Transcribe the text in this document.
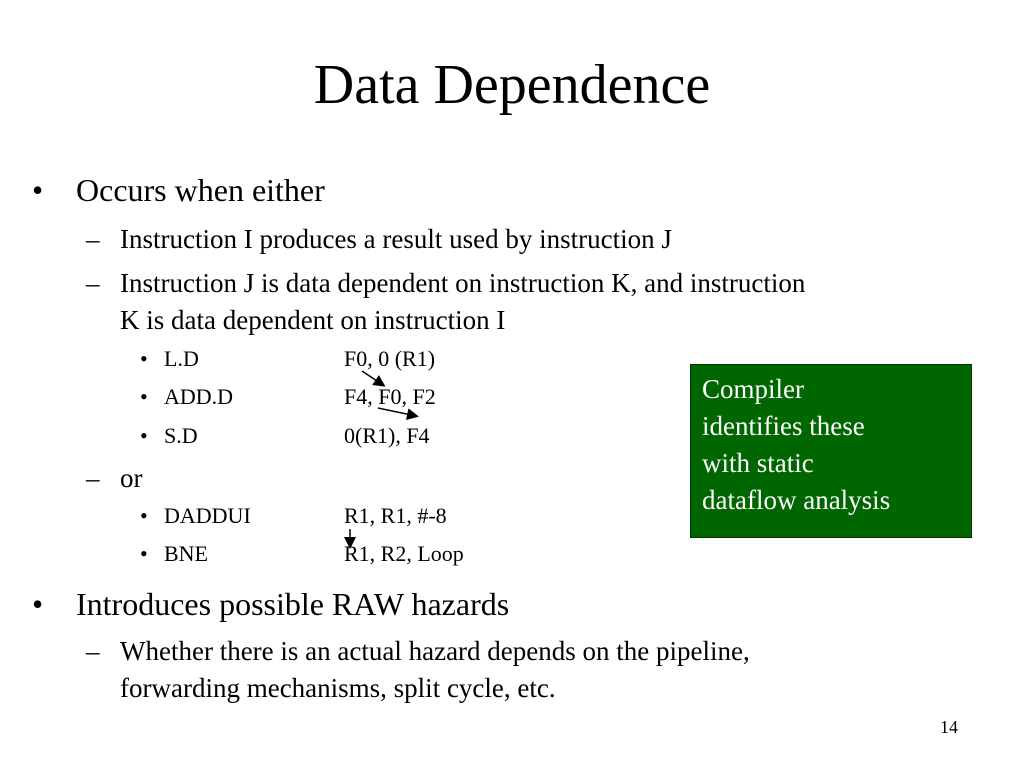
Data Dependence
• Occurs when either
– Instruction I produces a result used by instruction J
– Instruction J is data dependent on instruction K, and instruction
K is data dependent on instruction I
• L.D	F0, 0 (R1)
• ADD.D	F4, F0, F2
• S.D	0(R1), F4
– or
• DADDUI	R1, R1, #-8
• BNE	R1, R2, Loop
• Introduces possible RAW hazards
– Whether there is an actual hazard depends on the pipeline,
forwarding mechanisms, split cycle, etc.
Compiler
identifies these
with static
dataflow analysis
14
